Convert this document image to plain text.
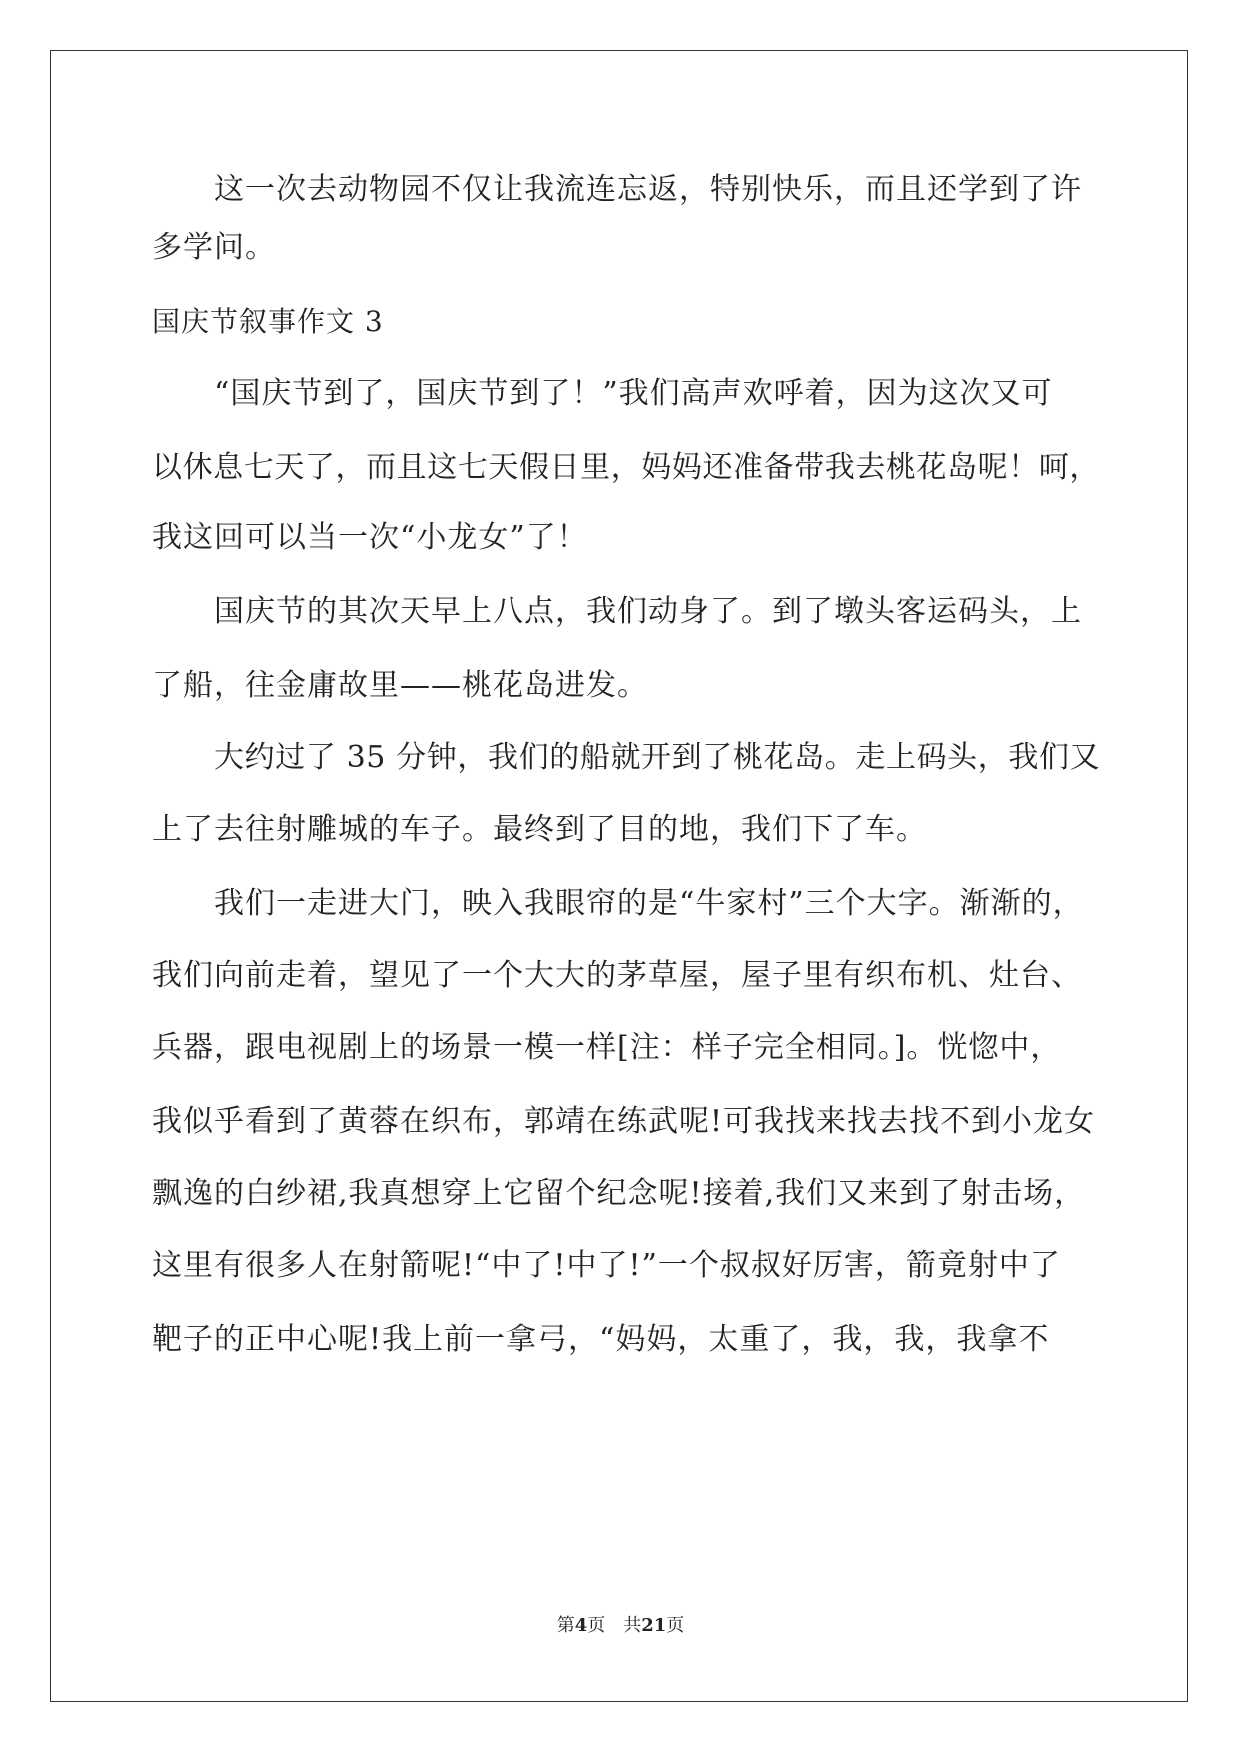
这一次去动物园不仅让我流连忘返，特别快乐，而且还学到了许
多学问。
国庆节叙事作文 3
“国庆节到了，国庆节到了！”我们高声欢呼着，因为这次又可
以休息七天了，而且这七天假日里，妈妈还准备带我去桃花岛呢！呵，
我这回可以当一次“小龙女”了！
国庆节的其次天早上八点，我们动身了。到了墩头客运码头，上
了船，往金庸故里——桃花岛进发。
大约过了 35 分钟，我们的船就开到了桃花岛。走上码头，我们又
上了去往射雕城的车子。最终到了目的地，我们下了车。
我们一走进大门，映入我眼帘的是“牛家村”三个大字。渐渐的，
我们向前走着，望见了一个大大的茅草屋，屋子里有织布机、灶台、
兵器，跟电视剧上的场景一模一样[注：样子完全相同。]。恍惚中，
我似乎看到了黄蓉在织布，郭靖在练武呢!可我找来找去找不到小龙女
飘逸的白纱裙,我真想穿上它留个纪念呢!接着,我们又来到了射击场，
这里有很多人在射箭呢!“中了!中了!”一个叔叔好厉害，箭竟射中了
靶子的正中心呢!我上前一拿弓，“妈妈，太重了，我，我，我拿不
第4页　共21页
